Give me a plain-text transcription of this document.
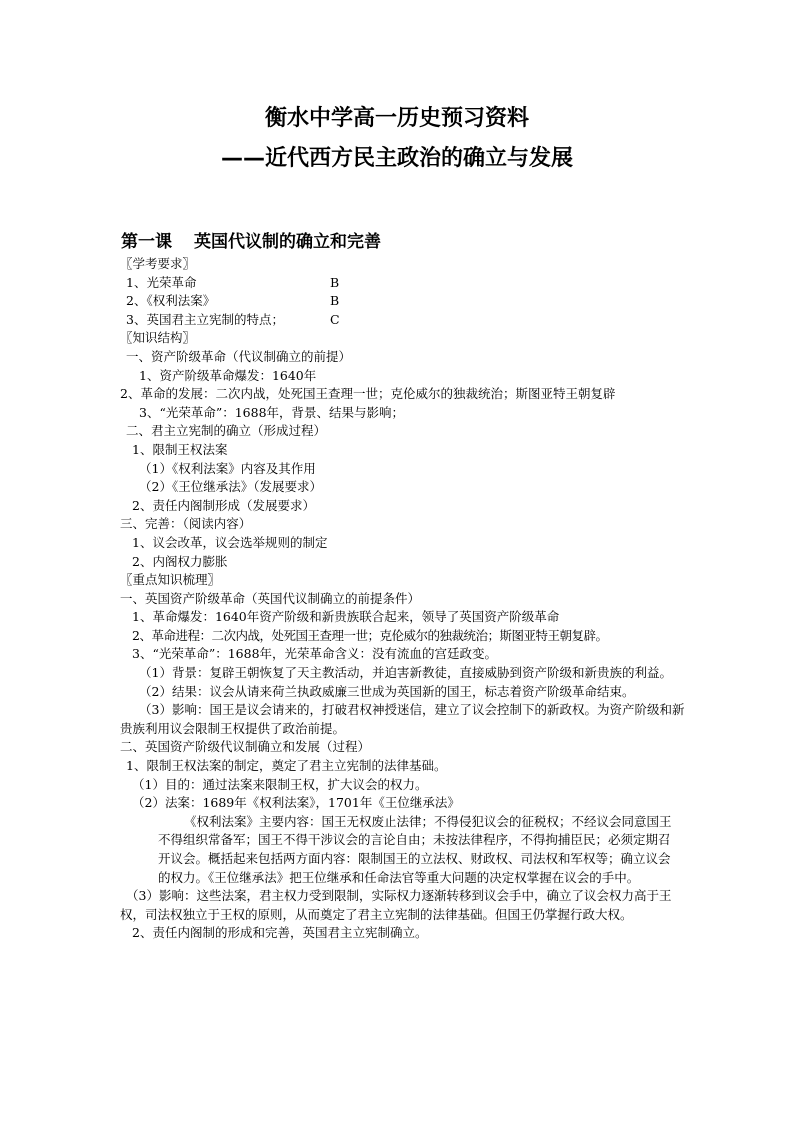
衡水中学高一历史预习资料
——近代西方民主政治的确立与发展
第一课 英国代议制的确立和完善
〖学考要求〗
1、光荣革命	B
2、《权利法案》	B
3、英国君主立宪制的特点；	C
〖知识结构〗
一、资产阶级革命（代议制确立的前提）
1、资产阶级革命爆发：1640年
2、革命的发展：二次内战，处死国王查理一世；克伦威尔的独裁统治；斯图亚特王朝复辟
3、“光荣革命”：1688年，背景、结果与影响；
二、君主立宪制的确立（形成过程）
1、限制王权法案
（1）《权利法案》内容及其作用
（2）《王位继承法》（发展要求）
2、责任内阁制形成（发展要求）
三、完善：（阅读内容）
1、议会改革，议会选举规则的制定
2、内阁权力膨胀
〖重点知识梳理〗
一、英国资产阶级革命（英国代议制确立的前提条件）
1、革命爆发：1640年资产阶级和新贵族联合起来，领导了英国资产阶级革命
2、革命进程：二次内战，处死国王查理一世；克伦威尔的独裁统治；斯图亚特王朝复辟。
3、“光荣革命”：1688年，光荣革命含义：没有流血的宫廷政变。
（1）背景：复辟王朝恢复了天主教活动，并迫害新教徒，直接威胁到资产阶级和新贵族的利益。
（2）结果：议会从请来荷兰执政威廉三世成为英国新的国王，标志着资产阶级革命结束。
（3）影响：国王是议会请来的，打破君权神授迷信，建立了议会控制下的新政权。为资产阶级和新贵族利用议会限制王权提供了政治前提。
二、英国资产阶级代议制确立和发展（过程）
1、限制王权法案的制定，奠定了君主立宪制的法律基础。
（1）目的：通过法案来限制王权，扩大议会的权力。
（2）法案：1689年《权利法案》，1701年《王位继承法》
《权利法案》主要内容：国王无权废止法律；不得侵犯议会的征税权；不经议会同意国王不得组织常备军；国王不得干涉议会的言论自由；未按法律程序，不得拘捕臣民；必须定期召开议会。概括起来包括两方面内容：限制国王的立法权、财政权、司法权和军权等；确立议会的权力。《王位继承法》把王位继承和任命法官等重大问题的决定权掌握在议会的手中。
（3）影响：这些法案，君主权力受到限制，实际权力逐渐转移到议会手中，确立了议会权力高于王权，司法权独立于王权的原则，从而奠定了君主立宪制的法律基础。但国王仍掌握行政大权。
2、责任内阁制的形成和完善，英国君主立宪制确立。
